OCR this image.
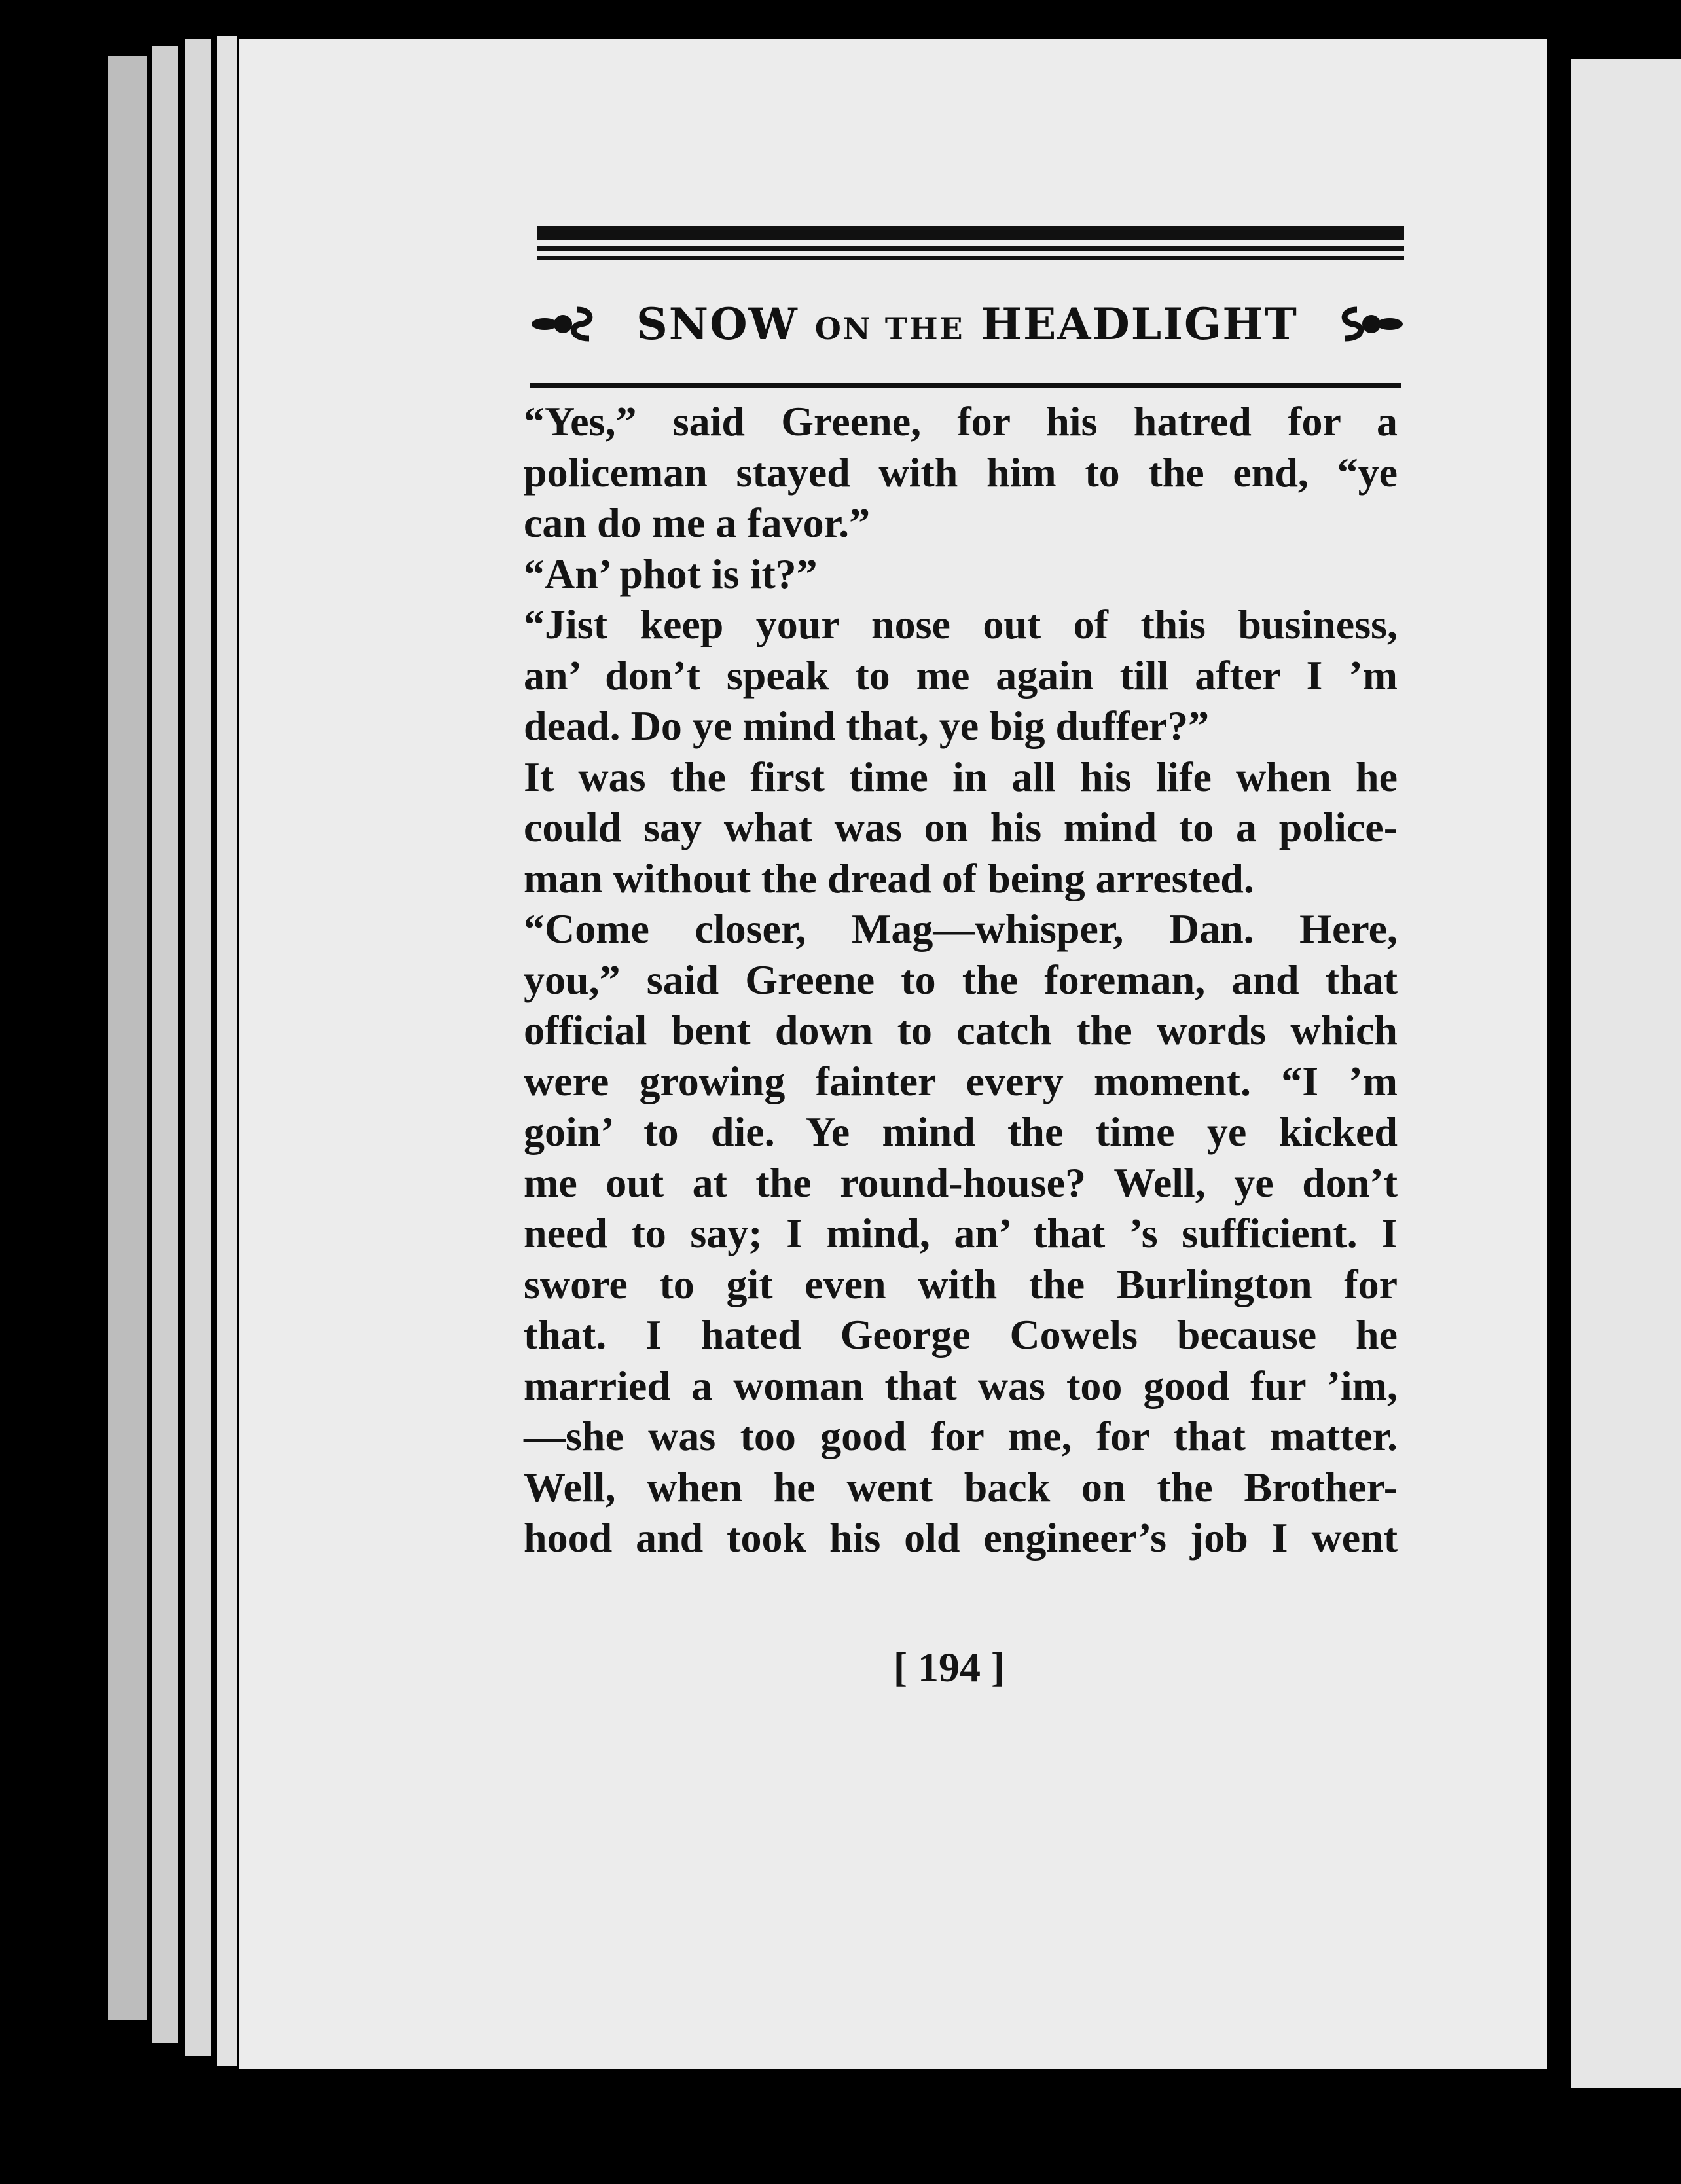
SNOW ON THE HEADLIGHT
“Yes,” said Greene, for his hatred for a
policeman stayed with him to the end, “ye
can do me a favor.”
“An’ phot is it?”
“Jist keep your nose out of this business,
an’ don’t speak to me again till after I ’m
dead. Do ye mind that, ye big duffer?”
It was the first time in all his life when he
could say what was on his mind to a police-
man without the dread of being arrested.
“Come closer, Mag—whisper, Dan. Here,
you,” said Greene to the foreman, and that
official bent down to catch the words which
were growing fainter every moment. “I ’m
goin’ to die. Ye mind the time ye kicked
me out at the round-house? Well, ye don’t
need to say; I mind, an’ that ’s sufficient. I
swore to git even with the Burlington for
that. I hated George Cowels because he
married a woman that was too good fur ’im,
—she was too good for me, for that matter.
Well, when he went back on the Brother-
hood and took his old engineer’s job I went
[ 194 ]
